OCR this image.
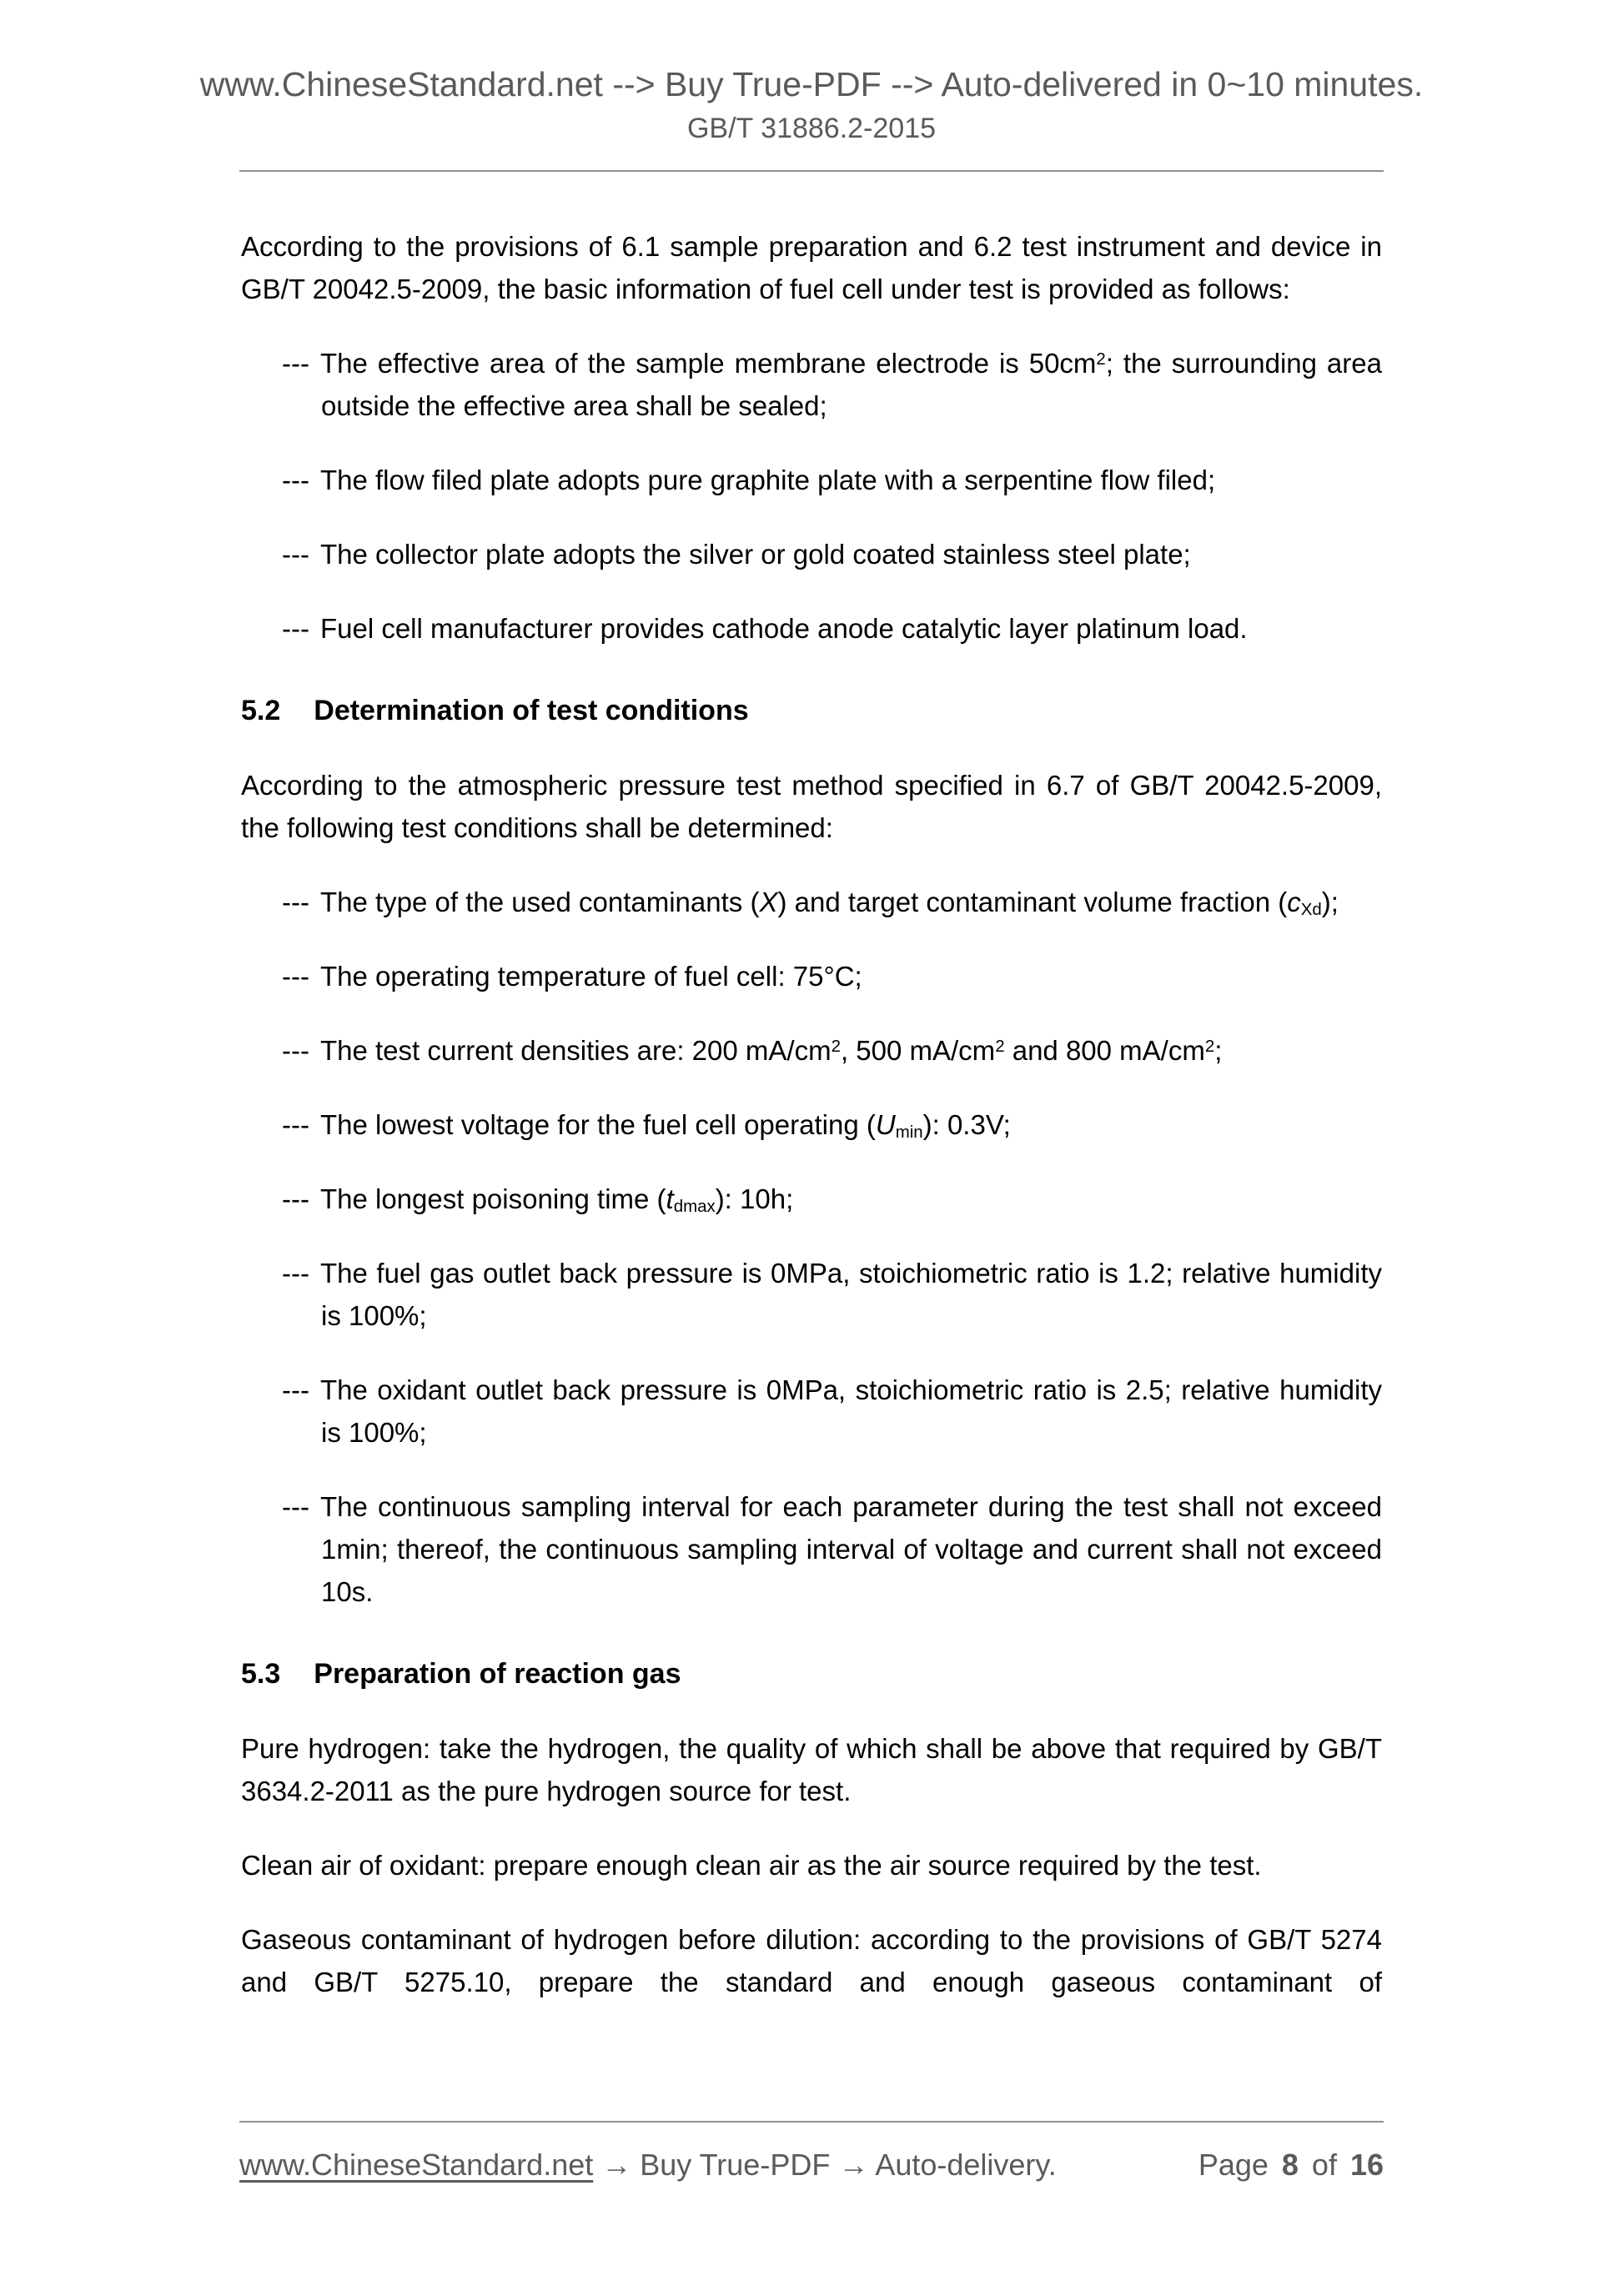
www.ChineseStandard.net --> Buy True-PDF --> Auto-delivered in 0~10 minutes.
GB/T 31886.2-2015
According to the provisions of 6.1 sample preparation and 6.2 test instrument and device in GB/T 20042.5-2009, the basic information of fuel cell under test is provided as follows:
--- The effective area of the sample membrane electrode is $50cm^2$; the surrounding area outside the effective area shall be sealed;
--- The flow filed plate adopts pure graphite plate with a serpentine flow filed;
--- The collector plate adopts the silver or gold coated stainless steel plate;
--- Fuel cell manufacturer provides cathode anode catalytic layer platinum load.
5.2 Determination of test conditions
According to the atmospheric pressure test method specified in 6.7 of GB/T 20042.5-2009, the following test conditions shall be determined:
--- The type of the used contaminants (X) and target contaminant volume fraction $(c_{Xd})$;
--- The operating temperature of fuel cell: 75°C;
--- The test current densities are: 200 $mA/cm^2$, 500 $mA/cm^2$ and 800 $mA/cm^2$;
--- The lowest voltage for the fuel cell operating $(U_{min})$: 0.3V;
--- The longest poisoning time $(t_{dmax})$: 10h;
--- The fuel gas outlet back pressure is 0MPa, stoichiometric ratio is 1.2; relative humidity is 100%;
--- The oxidant outlet back pressure is 0MPa, stoichiometric ratio is 2.5; relative humidity is 100%;
--- The continuous sampling interval for each parameter during the test shall not exceed 1min; thereof, the continuous sampling interval of voltage and current shall not exceed 10s.
5.3 Preparation of reaction gas
Pure hydrogen: take the hydrogen, the quality of which shall be above that required by GB/T 3634.2-2011 as the pure hydrogen source for test.
Clean air of oxidant: prepare enough clean air as the air source required by the test.
Gaseous contaminant of hydrogen before dilution: according to the provisions of GB/T 5274 and GB/T 5275.10, prepare the standard and enough gaseous contaminant of
www.ChineseStandard.net → Buy True-PDF → Auto-delivery.	Page 8 of 16
